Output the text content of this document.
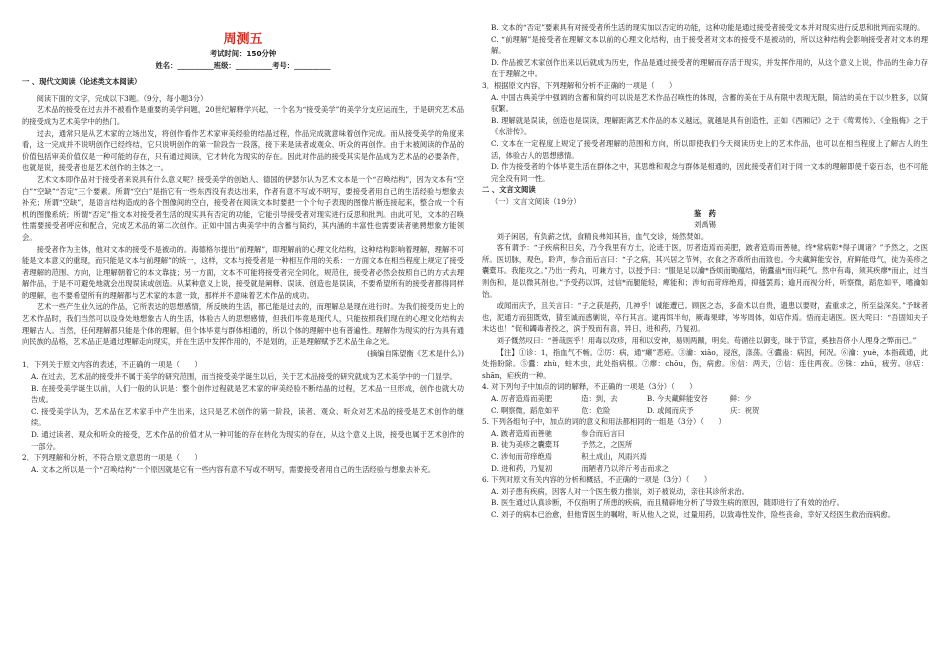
周测五

考试时间：150分钟

姓名：__________班级：__________考号：__________

一 、现代文阅读（论述类文本阅读）

阅读下面的文字，完成以下3题。（9分，每小题3分）

艺术品的接受在过去并不被看作是重要的美学问题，20世纪解释学兴起，一个名为“接受美学”的美学分支应运而生，于是研究艺术品的接受成为艺术美学中的热门。

过去，通常只是从艺术家的立场出发，将创作看作艺术家审美经验的结晶过程，作品完成就意味着创作完成。而从接受美学的角度来看，这一完成并不说明创作已经终结，它只说明创作的第一阶段告一段落，接下来是读者或观众、听众的再创作。由于未被阅读的作品的价值包括审美价值仅是一种可能的存在，只有通过阅读，它才转化为现实的存在。因此对作品的接受其实是作品成为艺术品的必要条件，也就是说，接受者也是艺术创作的主体之一。

艺术文本即作品对于接受者来说具有什么意义呢？接受美学的创始人、德国的伊瑟尔认为艺术文本是一个“召唤结构”，因为文本有“空白”“空缺”“否定”三个要素。所谓“空白”是指它有一些东西没有表达出来，作者有意不写或不明写，要接受者用自己的生活经验与想象去补充；所谓“空缺”，是语言结构造成的各个图像间的空白，接受者在阅读文本时要把一个个句子表现的图像片断连接起来，整合成一个有机的图像系统；所谓“否定”指文本对接受者生活的现实具有否定的功能，它能引导接受者对现实进行反思和批判。由此可见，文本的召唤性需要接受者呼应和配合，完成艺术品的第二次创作。正如中国古典美学中的含蓄与简约，其内涵的丰富性也需要读者驰骋想象方能领会。

接受者作为主体，他对文本的接受不是被动的。海德格尔提出“前理解”，即理解前的心理文化结构，这种结构影响着理解，理解不可能是文本意义的重现，而只能是文本与前理解”的统一，这样，文本与接受者是一种相互作用的关系：一方面文本在相当程度上规定了接受者理解的范围、方向，让理解朝着它的本文靠拢；另一方面，文本不可能将接受者完全同化，规范住，接受者必然会按照自己的方式去理解作品，于是不可避免地就会出现误读或创造。从某种意义上说，接受就是阐释、误读、创造也是误读，不要希望所有的接受者都得同样的理解，也不要希望所有的理解都与艺术家的本意一致，那样并不意味着艺术作品的成功。

艺术一些产生业久远的作品，它所表达的思想感情，所反映的生活，都已能是过去的，而理解总是现在进行时。为我们接受历史上的艺术作品时，我们当然可以设身处地想象古人的生活，体验古人的思想感情，但我们毕竟是现代人，只能按照我们现在的心理文化结构去理解古人。当然，任何理解都只能是个体的理解，但个体毕竟与群体相通的，所以个体的理解中也有普遍性。理解作为现实的行为具有通向民族的品格，艺术品正是通过理解走向现实，并在生活中发挥作用的，不是划的，正是理解赋予艺术品生命之光。

(摘编自陈望衡《艺术是什么》)

1．下列关于原文内容的表述，不正确的一项是（　　）

A. 在过去，艺术品的接受并不属于美学的研究范围，而当接受美学诞生以后，关于艺术品接受的研究就成为艺术美学中的一门显学。

B. 在接受美学诞生以前，人们一般的认识是：整个创作过程就是艺术家的审美经验不断结晶的过程，艺术品一旦形成，创作也就大功告成。

C. 接受美学认为，艺术品在艺术家手中产生出来，这只是艺术创作的第一阶段，读者、观众、听众对艺术品的接受是艺术创作的继续。

D. 通过读者、观众和听众的接受，艺术作品的价值才从一种可能的存在转化为现实的存在，从这个意义上说，接受也属于艺术创作的一部分。

2．下列理解和分析，不符合原文意思的一项是（　　）

A. 文本之所以是一个“召唤结构”一个原因就是它有一些内容有意不写或不明写，需要接受者用自己的生活经验与想象去补充。

B. 文本的“否定”要素具有对接受者所生活的现实加以否定的功能，这种功能是通过接受者接受文本并对现实进行反思和批判而实现的。

C. “前理解”是接受者在理解文本以前的心理文化结构，由于接受者对文本的接受不是被动的，所以这种结构会影响接受者对文本的理解。

D. 作品被艺术家创作出来以后就成为历史，作品是通过接受者的理解而存活于现实，并发挥作用的，从这个意义上说，作品的生命力存在于理解之中。

3．根据原文内容，下列理解和分析不正确的一项是（　　）

A. 中国古典美学中强调的含蓄和简约可以说是艺术作品召唤性的体现，含蓄的美在于从有限中表现无限，简洁的美在于以少胜多，以简驭繁。

B. 理解就是误读，创造也是误读，理解距离艺术作品的本义越远，就越是具有创造性，正如《西厢记》之于《莺莺传》、《金瓶梅》之于《水浒传》。

C. 文本在一定程度上规定了接受者理解的范围和方向，所以即使我们今天阅读历史上的艺术作品，也可以在相当程度上了解古人的生活，体验古人的思想感情。

D. 作为接受者的个体毕竟生活在群体之中，其思维和观念与群体是相通的，因此接受者们对于同一文本的理解即使千姿百态，也不可能完全没有同一性。

二 、文言文阅读

（一）文言文阅读（19分）

鉴　药

刘禹锡

刘子闲居，有负薪之忧，食精良弗知其旨，血气交诊，炀然焚如。

客有谓予：“子疾病积日矣，乃今我里有方士，沦迹于医，厉者造焉而美肥，跛者造焉而善驰，终*常病彰*得子调诸？”予然之，之医所。医切脉，观色，聆声，参合而后言曰：“子之病，其兴居之节舛，衣食之齐乖所由而致也。今夫藏鲜能安谷，府鲜能母气，徒为美疹之囊橐耳。我能攻之。”乃出一药丸，可兼方寸，以授予曰：“服是足以瀹*昏烦而锄蕴结，销蠹蛊*而归耗气。然中有毒，须其疾瘳*而止，过当则伤和，是以微其剂也。”予受药以饵，过信*而腿能轻，痺能和；涉旬而苛痒绝焉，抑搔罢焉；逾月而视分纤，听察微，蹈危如平，嗜瀹如饴。

或闻而庆予，且关言曰：“子之获是药，几神乎！诚能遭已。顾医之态，多啬术以自贵，遗患以要财，盍重求之，所至益深矣。”予昧者也，泥通方而狃既效，猜至诚而惑剿说，卒行其言。逮再饵半旬，厥毒果肆，岑岑周体，如痁作焉。悟而走诸医。医大咤曰：“吾固知夫子未达也！”促和蠲毒者投之，滨于殁而有喜，异日，进和药，乃复初。

刘子慨然叹曰：“善哉医乎！用毒以攻疹，用和以安神，易则两踬，明矣。苟循往以御变，昧于节宣，奚独吾侪小人理身之弊而已。”

【注】①诊：1，指血气不畅。②厉：病，通“癞”恶疮。③瀹：xiāo，浸泡，涤荡。④蠹蛊：病因，何况。⑥瀹：yuè，本指疏通，此处指盼除。⑤蠹：zhù，蛀木虫，此处指病根。⑦瘳：chōu，伤，病愈。⑧信：两天，⑦信：连住两夜。⑨铢：zhū，疲劳。⑩痁：shān，疟疾的一种。

4. 对下列句子中加点的词的解释，不正确的一项是（3分）（　　）

A. 厉者造焉而美肥　　　　造：到，去　　　　B. 今夫藏鲜能安谷　　　鲜：少

C. 啊察微，蹈危如平　　　危：危险　　　　　D. 或闻而庆予　　　　　庆：祝贺

5. 下列各组句子中，加点的词的意义和用法都相同的一组是（3分）（　　）

A. 跛者造焉而善驰　　　　参合而后言曰

B. 徒为美疹之囊橐耳　　　予然之，之医所

C. 涉旬而苛痒绝焉　　　　积土成山，风雨兴焉

D. 进和药，乃复初　　　　而陋者乃以斧斤考击而求之

6. 下列对原文有关内容的分析和概括，不正确的一项是（3分）（　　）

A. 刘子患有疾病，因客人对一个医生极力推崇，刘子被说动，亲往其诊所求治。

B. 医生通过认真诊断，不仅指明了所患的疾病，而且精辟地分析了导致生病的原因，随即进行了有效的治疗。

C. 刘子的病本已治愈，但他背医生的嘱咐，听从他人之说，过量用药，以致毒性发作，险些丧命，幸好又经医生救治而病愈。
